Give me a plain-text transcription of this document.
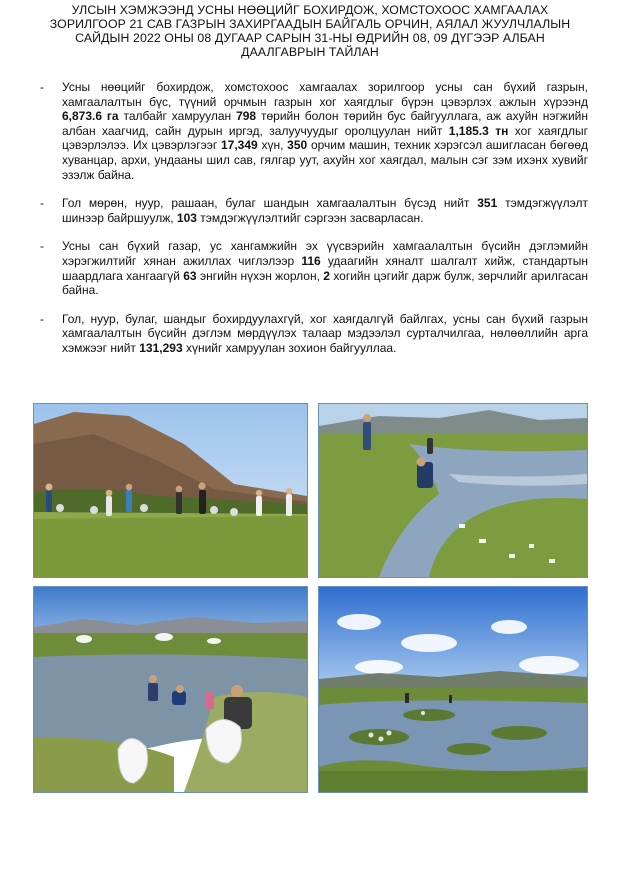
УЛСЫН ХЭМЖЭЭНД УСНЫ НӨӨЦИЙГ БОХИРДОЖ, ХОМСТОХООС ХАМГААЛАХ
ЗОРИЛГООР 21 САВ ГАЗРЫН ЗАХИРГААДЫН БАЙГАЛЬ ОРЧИН, АЯЛАЛ ЖУУЛЧЛАЛЫН
САЙДЫН 2022 ОНЫ 08 ДУГААР САРЫН 31-НЫ ӨДРИЙН 08, 09 ДҮГЭЭР АЛБАН
ДААЛГАВРЫН ТАЙЛАН
- Усны нөөцийг бохирдож, хомстохоос хамгаалах зорилгоор усны сан бүхий газрын, хамгаалалтын бүс, түүний орчмын газрын хог хаягдлыг бүрэн цэвэрлэх ажлын хүрээнд 6,873.6 га талбайг хамруулан 798 төрийн болон төрийн бус байгууллага, аж ахуйн нэгжийн албан хаагчид, сайн дурын иргэд, залуучуудыг оролцуулан нийт 1,185.3 тн хог хаягдлыг цэвэрлэлээ. Их цэвэрлэгээг 17,349 хүн, 350 орчим машин, техник хэрэгсэл ашигласан бөгөөд хуванцар, архи, ундааны шил сав, гялгар уут, ахуйн хог хаягдал, малын сэг зэм ихэнх хувийг эзэлж байна.
- Гол мөрөн, нуур, рашаан, булаг шандын хамгаалалтын бүсэд нийт 351 тэмдэгжүүлэлт шинээр байршуулж, 103 тэмдэгжүүлэлтийг сэргээн засварласан.
- Усны сан бүхий газар, ус хангамжийн эх үүсвэрийн хамгаалалтын бүсийн дэглэмийн хэрэгжилтийг хянан ажиллах чиглэлээр 116 удаагийн хяналт шалгалт хийж, стандартын шаардлага хангаагүй 63 энгийн нүхэн жорлон, 2 хогийн цэгийг дарж булж, зөрчлийг арилгасан байна.
- Гол, нуур, булаг, шандыг бохирдуулахгүй, хог хаягдалгүй байлгах, усны сан бүхий газрын хамгаалалтын бүсийн дэглэм мөрдүүлэх талаар мэдээлэл сурталчилгаа, нөлөөллийн арга хэмжээг нийт 131,293 хүнийг хамруулан зохион байгууллаа.
